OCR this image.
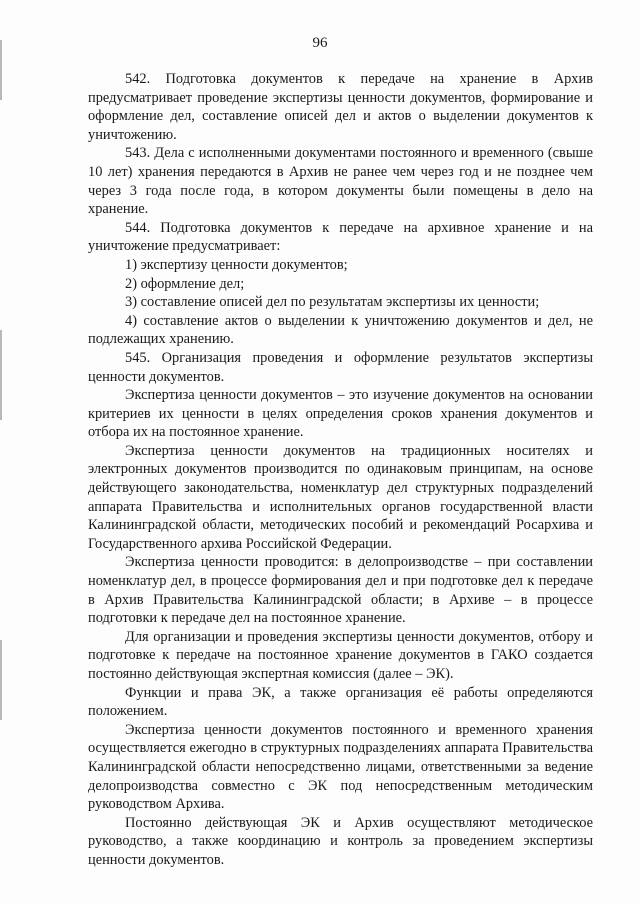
96

542. Подготовка документов к передаче на хранение в Архив предусматривает проведение экспертизы ценности документов, формирование и оформление дел, составление описей дел и актов о выделении документов к уничтожению.

543. Дела с исполненными документами постоянного и временного (свыше 10 лет) хранения передаются в Архив не ранее чем через год и не позднее чем через 3 года после года, в котором документы были помещены в дело на хранение.

544. Подготовка документов к передаче на архивное хранение и на уничтожение предусматривает:

1) экспертизу ценности документов;

2) оформление дел;

3) составление описей дел по результатам экспертизы их ценности;

4) составление актов о выделении к уничтожению документов и дел, не подлежащих хранению.

545. Организация проведения и оформление результатов экспертизы ценности документов.

Экспертиза ценности документов – это изучение документов на основании критериев их ценности в целях определения сроков хранения документов и отбора их на постоянное хранение.

Экспертиза ценности документов на традиционных носителях и электронных документов производится по одинаковым принципам, на основе действующего законодательства, номенклатур дел структурных подразделений аппарата Правительства и исполнительных органов государственной власти Калининградской области, методических пособий и рекомендаций Росархива и Государственного архива Российской Федерации.

Экспертиза ценности проводится: в делопроизводстве – при составлении номенклатур дел, в процессе формирования дел и при подготовке дел к передаче в Архив Правительства Калининградской области; в Архиве – в процессе подготовки к передаче дел на постоянное хранение.

Для организации и проведения экспертизы ценности документов, отбору и подготовке к передаче на постоянное хранение документов в ГАКО создается постоянно действующая экспертная комиссия (далее – ЭК).

Функции и права ЭК, а также организация её работы определяются положением.

Экспертиза ценности документов постоянного и временного хранения осуществляется ежегодно в структурных подразделениях аппарата Правительства Калининградской области непосредственно лицами, ответственными за ведение делопроизводства совместно с ЭК под непосредственным методическим руководством Архива.

Постоянно действующая ЭК и Архив осуществляют методическое руководство, а также координацию и контроль за проведением экспертизы ценности документов.
